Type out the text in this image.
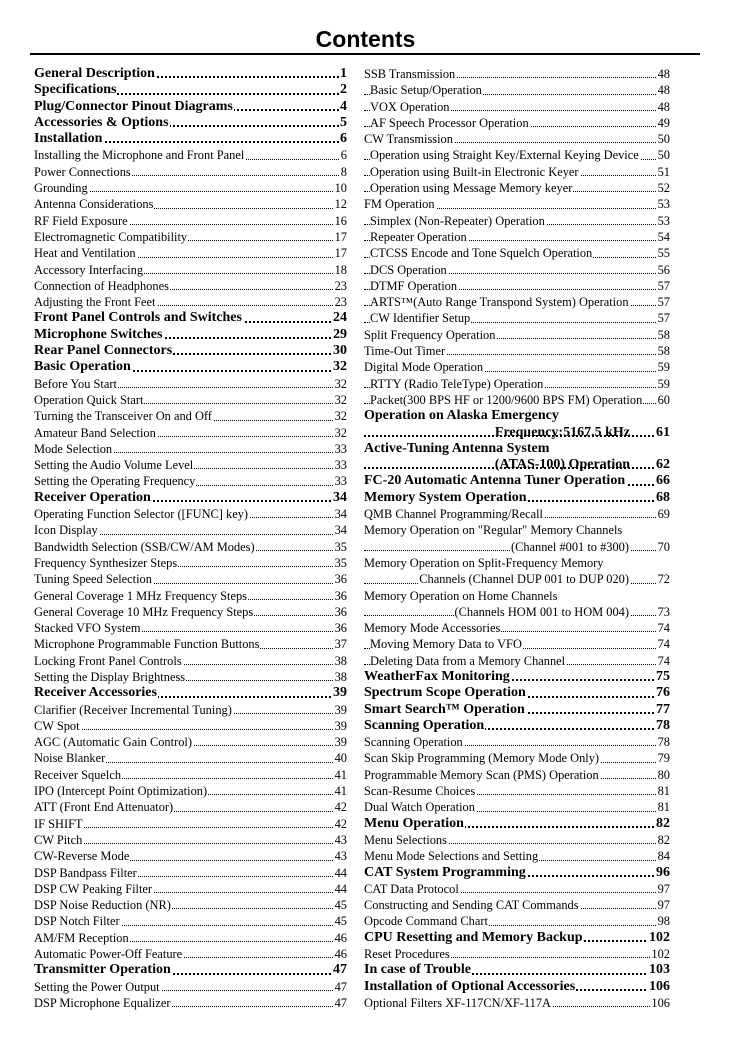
Contents
General Description	1
Specifications	2
Plug/Connector Pinout Diagrams	4
Accessories & Options	5
Installation	6
Installing the Microphone and Front Panel	6
Power Connections	8
Grounding	10
Antenna Considerations	12
RF Field Exposure	16
Electromagnetic Compatibility	17
Heat and Ventilation	17
Accessory Interfacing	18
Connection of Headphones	23
Adjusting the Front Feet	23
Front Panel Controls and Switches	24
Microphone Switches	29
Rear Panel Connectors	30
Basic Operation	32
Before You Start	32
Operation Quick Start	32
Turning the Transceiver On and Off	32
Amateur Band Selection	32
Mode Selection	33
Setting the Audio Volume Level	33
Setting the Operating Frequency	33
Receiver Operation	34
Operating Function Selector ([FUNC] key)	34
Icon Display	34
Bandwidth Selection (SSB/CW/AM Modes)	35
Frequency Synthesizer Steps	35
Tuning Speed Selection	36
General Coverage 1 MHz Frequency Steps	36
General Coverage 10 MHz Frequency Steps	36
Stacked VFO System	36
Microphone Programmable Function Buttons	37
Locking Front Panel Controls	38
Setting the Display Brightness	38
Receiver Accessories	39
Clarifier (Receiver Incremental Tuning)	39
CW Spot	39
AGC (Automatic Gain Control)	39
Noise Blanker	40
Receiver Squelch	41
IPO (Intercept Point Optimization)	41
ATT (Front End Attenuator)	42
IF SHIFT	42
CW Pitch	43
CW-Reverse Mode	43
DSP Bandpass Filter	44
DSP CW Peaking Filter	44
DSP Noise Reduction (NR)	45
DSP Notch Filter	45
AM/FM Reception	46
Automatic Power-Off Feature	46
Transmitter Operation	47
Setting the Power Output	47
DSP Microphone Equalizer	47
SSB Transmission	48
Basic Setup/Operation	48
VOX Operation	48
AF Speech Processor Operation	49
CW Transmission	50
Operation using Straight Key/External Keying Device 50
Operation using Built-in Electronic Keyer	51
Operation using Message Memory keyer	52
FM Operation	53
Simplex (Non-Repeater) Operation	53
Repeater Operation	54
CTCSS Encode and Tone Squelch Operation	55
DCS Operation	56
DTMF Operation	57
ARTS™(Auto Range Transpond System) Operation 57
CW Identifier Setup	57
Split Frequency Operation	58
Time-Out Timer	58
Digital Mode Operation	59
RTTY (Radio TeleType) Operation	59
Packet(300 BPS HF or 1200/9600 BPS FM) Operation 60
Operation on Alaska Emergency
Frequency:5167.5 kHz 61
Active-Tuning Antenna System
(ATAS-100) Operation 62
FC-20 Automatic Antenna Tuner Operation 66
Memory System Operation	68
QMB Channel Programming/Recall	69
Memory Operation on "Regular" Memory Channels
(Channel #001 to #300) 70
Memory Operation on Split-Frequency Memory
Channels (Channel DUP 001 to DUP 020) 72
Memory Operation on Home Channels
(Channels HOM 001 to HOM 004) 73
Memory Mode Accessories	74
Moving Memory Data to VFO	74
Deleting Data from a Memory Channel	74
WeatherFax Monitoring	75
Spectrum Scope Operation	76
Smart Search™ Operation	77
Scanning Operation	78
Scanning Operation	78
Scan Skip Programming (Memory Mode Only)	79
Programmable Memory Scan (PMS) Operation	80
Scan-Resume Choices	81
Dual Watch Operation	81
Menu Operation	82
Menu Selections	82
Menu Mode Selections and Setting	84
CAT System Programming	96
CAT Data Protocol	97
Constructing and Sending CAT Commands	97
Opcode Command Chart	98
CPU Resetting and Memory Backup	102
Reset Procedures	102
In case of Trouble	103
Installation of Optional Accessories	106
Optional Filters XF-117CN/XF-117A	106
